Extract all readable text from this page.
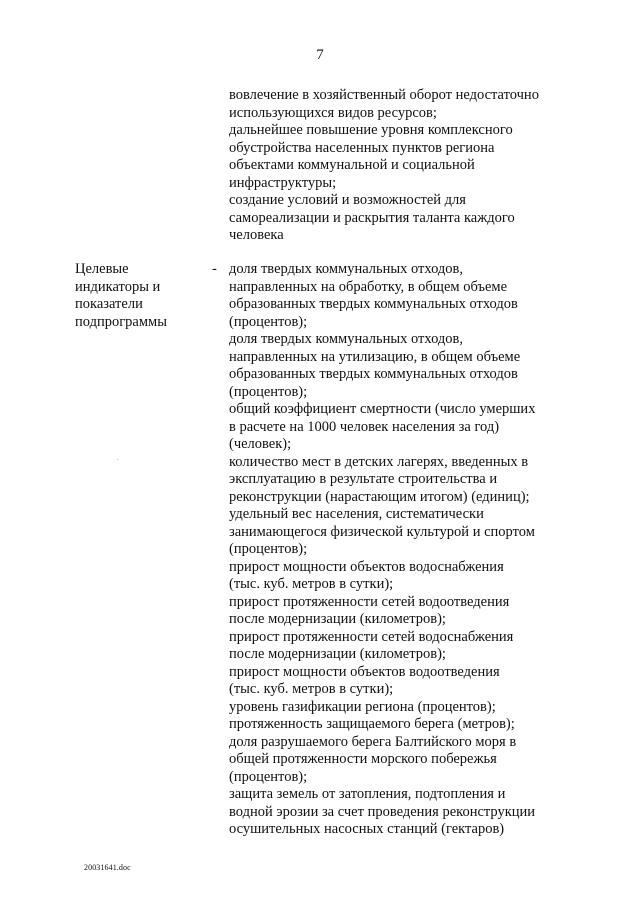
7
вовлечение в хозяйственный оборот недостаточно
использующихся видов ресурсов;
дальнейшее повышение уровня комплексного
обустройства населенных пунктов региона
объектами коммунальной и социальной
инфраструктуры;
создание условий и возможностей для
самореализации и раскрытия таланта каждого
человека
Целевые
индикаторы и
показатели
подпрограммы
- доля твердых коммунальных отходов,
направленных на обработку, в общем объеме
образованных твердых коммунальных отходов
(процентов);
доля твердых коммунальных отходов,
направленных на утилизацию, в общем объеме
образованных твердых коммунальных отходов
(процентов);
общий коэффициент смертности (число умерших
в расчете на 1000 человек населения за год)
(человек);
количество мест в детских лагерях, введенных в
эксплуатацию в результате строительства и
реконструкции (нарастающим итогом) (единиц);
удельный вес населения, систематически
занимающегося физической культурой и спортом
(процентов);
прирост мощности объектов водоснабжения
(тыс. куб. метров в сутки);
прирост протяженности сетей водоотведения
после модернизации (километров);
прирост протяженности сетей водоснабжения
после модернизации (километров);
прирост мощности объектов водоотведения
(тыс. куб. метров в сутки);
уровень газификации региона (процентов);
протяженность защищаемого берега (метров);
доля разрушаемого берега Балтийского моря в
общей протяженности морского побережья
(процентов);
защита земель от затопления, подтопления и
водной эрозии за счет проведения реконструкции
осушительных насосных станций (гектаров)
20031641.doc
